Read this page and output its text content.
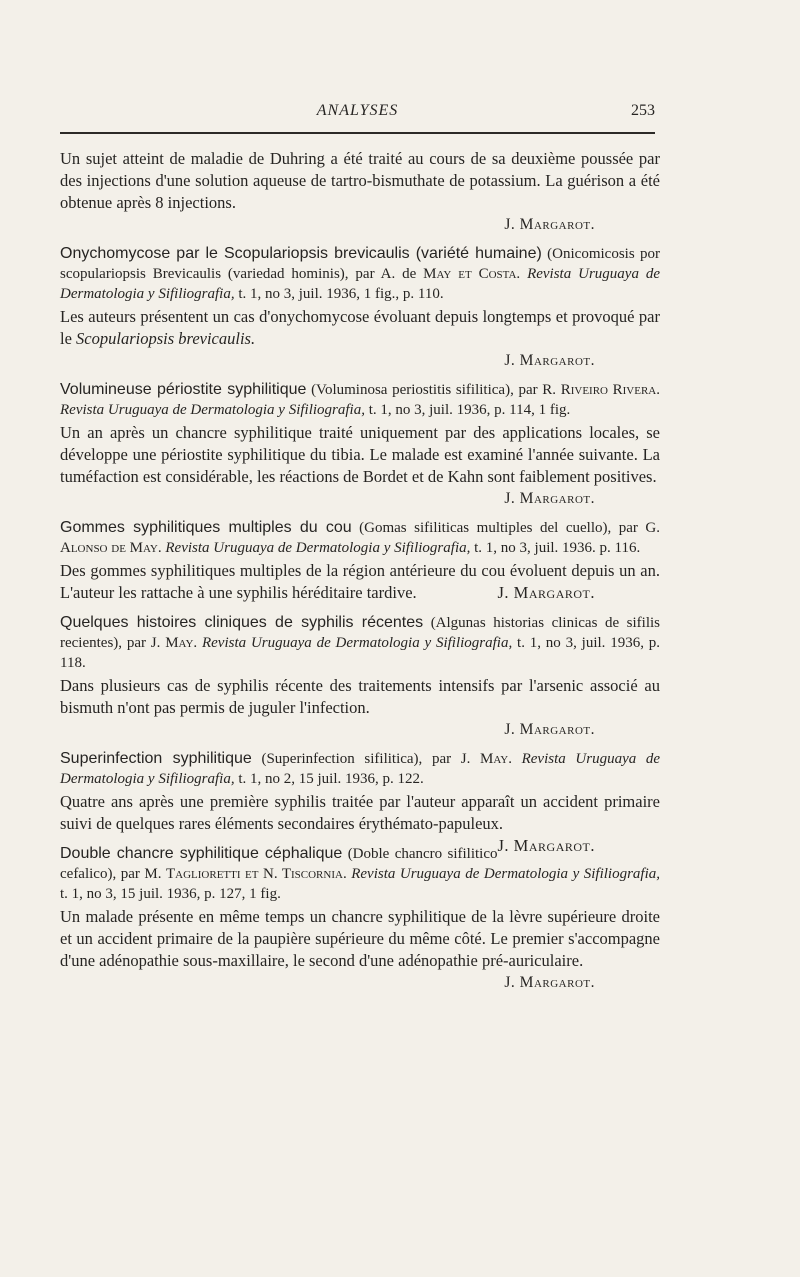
ANALYSES	253

Un sujet atteint de maladie de Duhring a été traité au cours de sa deuxième poussée par des injections d'une solution aqueuse de tartro-bismuthate de potassium. La guérison a été obtenue après 8 injections.

J. Margarot.

Onychomycose par le Scopulariopsis brevicaulis (variété humaine) (Onicomicosis por scopulariopsis Brevicaulis (variedad hominis), par A. de May et Costa. Revista Uruguaya de Dermatologia y Sifiliografia, t. 1, no 3, juil. 1936, 1 fig., p. 110.

Les auteurs présentent un cas d'onychomycose évoluant depuis longtemps et provoqué par le Scopulariopsis brevicaulis.

J. Margarot.

Volumineuse périostite syphilitique (Voluminosa periostitis sifilitica), par R. Riveiro Rivera. Revista Uruguaya de Dermatologia y Sifiliografia, t. 1, no 3, juil. 1936, p. 114, 1 fig.

Un an après un chancre syphilitique traité uniquement par des applications locales, se développe une périostite syphilitique du tibia. Le malade est examiné l'année suivante. La tuméfaction est considérable, les réactions de Bordet et de Kahn sont faiblement positives.

J. Margarot.

Gommes syphilitiques multiples du cou (Gomas sifiliticas multiples del cuello), par G. Alonso de May. Revista Uruguaya de Dermatologia y Sifiliografia, t. 1, no 3, juil. 1936. p. 116.

Des gommes syphilitiques multiples de la région antérieure du cou évoluent depuis un an. L'auteur les rattache à une syphilis héréditaire tardive.	J. Margarot.

Quelques histoires cliniques de syphilis récentes (Algunas historias clinicas de sifilis recientes), par J. May. Revista Uruguaya de Dermatologia y Sifiliografia, t. 1, no 3, juil. 1936, p. 118.

Dans plusieurs cas de syphilis récente des traitements intensifs par l'arsenic associé au bismuth n'ont pas permis de juguler l'infection.

J. Margarot.

Superinfection syphilitique (Superinfection sifilitica), par J. May. Revista Uruguaya de Dermatologia y Sifiliografia, t. 1, no 2, 15 juil. 1936, p. 122.

Quatre ans après une première syphilis traitée par l'auteur apparaît un accident primaire suivi de quelques rares éléments secondaires érythémato-papuleux.
J. Margarot.

Double chancre syphilitique céphalique (Doble chancro sifilitico cefalico), par M. Taglioretti et N. Tiscornia. Revista Uruguaya de Dermatologia y Sifiliografia, t. 1, no 3, 15 juil. 1936, p. 127, 1 fig.

Un malade présente en même temps un chancre syphilitique de la lèvre supérieure droite et un accident primaire de la paupière supérieure du même côté. Le premier s'accompagne d'une adénopathie sous-maxillaire, le second d'une adénopathie pré-auriculaire.

J. Margarot.
